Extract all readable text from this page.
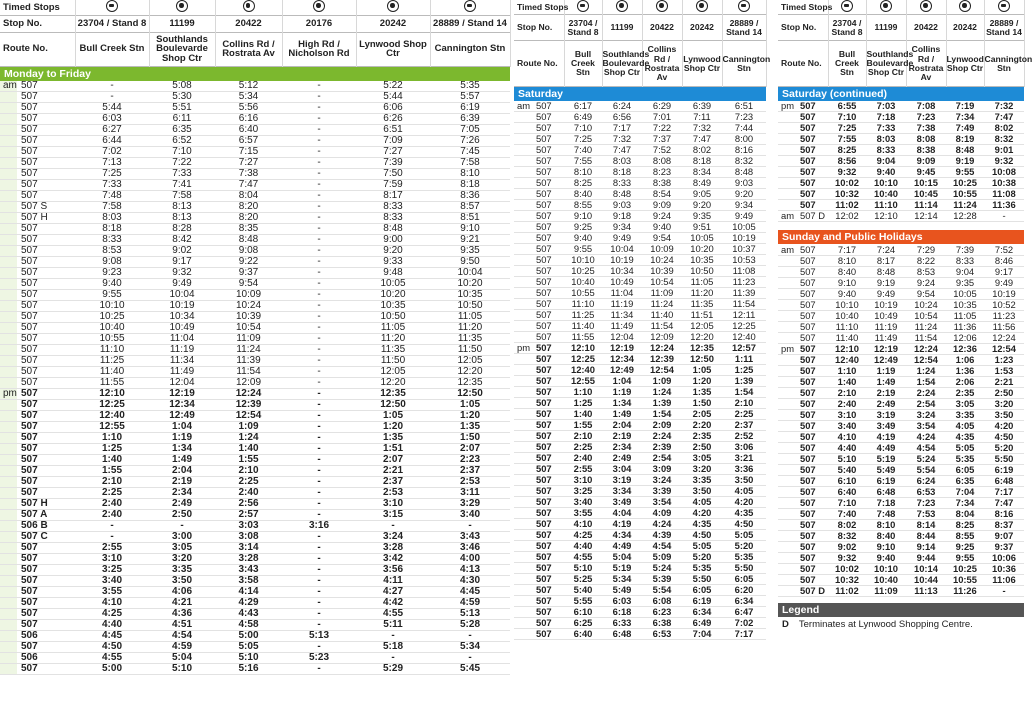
Timed Stops						
Stop No.	23704 / Stand 8	11199	20422	20176	20242	28889 / Stand 14
Route No.	Bull Creek Stn	Southlands Boulevarde Shop Ctr	Collins Rd / Rostrata Av	High Rd / Nicholson Rd	Lynwood Shop Ctr	Cannington Stn
Monday to Friday
am	507	-	5:08	5:12	-	5:22	5:35
	507	-	5:30	5:34	-	5:44	5:57
	507	5:44	5:51	5:56	-	6:06	6:19
	507	6:03	6:11	6:16	-	6:26	6:39
	507	6:27	6:35	6:40	-	6:51	7:05
	507	6:44	6:52	6:57	-	7:09	7:26
	507	7:02	7:10	7:15	-	7:27	7:45
	507	7:13	7:22	7:27	-	7:39	7:58
	507	7:25	7:33	7:38	-	7:50	8:10
	507	7:33	7:41	7:47	-	7:59	8:18
	507	7:48	7:58	8:04	-	8:17	8:36
	507 S	7:58	8:13	8:20	-	8:33	8:57
	507 H	8:03	8:13	8:20	-	8:33	8:51
	507	8:18	8:28	8:35	-	8:48	9:10
	507	8:33	8:42	8:48	-	9:00	9:21
	507	8:53	9:02	9:08	-	9:20	9:35
	507	9:08	9:17	9:22	-	9:33	9:50
	507	9:23	9:32	9:37	-	9:48	10:04
	507	9:40	9:49	9:54	-	10:05	10:20
	507	9:55	10:04	10:09	-	10:20	10:35
	507	10:10	10:19	10:24	-	10:35	10:50
	507	10:25	10:34	10:39	-	10:50	11:05
	507	10:40	10:49	10:54	-	11:05	11:20
	507	10:55	11:04	11:09	-	11:20	11:35
	507	11:10	11:19	11:24	-	11:35	11:50
	507	11:25	11:34	11:39	-	11:50	12:05
	507	11:40	11:49	11:54	-	12:05	12:20
	507	11:55	12:04	12:09	-	12:20	12:35
pm	507	12:10	12:19	12:24	-	12:35	12:50
	507	12:25	12:34	12:39	-	12:50	1:05
	507	12:40	12:49	12:54	-	1:05	1:20
	507	12:55	1:04	1:09	-	1:20	1:35
	507	1:10	1:19	1:24	-	1:35	1:50
	507	1:25	1:34	1:40	-	1:51	2:07
	507	1:40	1:49	1:55	-	2:07	2:23
	507	1:55	2:04	2:10	-	2:21	2:37
	507	2:10	2:19	2:25	-	2:37	2:53
	507	2:25	2:34	2:40	-	2:53	3:11
	507 H	2:40	2:49	2:56	-	3:10	3:29
	507 A	2:40	2:50	2:57	-	3:15	3:40
	506 B	-	-	3:03	3:16	-	-
	507 C	-	3:00	3:08	-	3:24	3:43
	507	2:55	3:05	3:14	-	3:28	3:46
	507	3:10	3:20	3:28	-	3:42	4:00
	507	3:25	3:35	3:43	-	3:56	4:13
	507	3:40	3:50	3:58	-	4:11	4:30
	507	3:55	4:06	4:14	-	4:27	4:45
	507	4:10	4:21	4:29	-	4:42	4:59
	507	4:25	4:36	4:43	-	4:55	5:13
	507	4:40	4:51	4:58	-	5:11	5:28
	506	4:45	4:54	5:00	5:13	-	-
	507	4:50	4:59	5:05	-	5:18	5:34
	506	4:55	5:04	5:10	5:23	-	-
	507	5:00	5:10	5:16	-	5:29	5:45
Timed Stops					
Stop No.	23704 / Stand 8	11199	20422	20242	28889 / Stand 14
Route No.	Bull Creek Stn	Southlands Boulevarde Shop Ctr	Collins Rd / Rostrata Av	Lynwood Shop Ctr	Cannington Stn
Saturday
am	507	6:17	6:24	6:29	6:39	6:51
	507	6:49	6:56	7:01	7:11	7:23
	507	7:10	7:17	7:22	7:32	7:44
	507	7:25	7:32	7:37	7:47	8:00
	507	7:40	7:47	7:52	8:02	8:16
	507	7:55	8:03	8:08	8:18	8:32
	507	8:10	8:18	8:23	8:34	8:48
	507	8:25	8:33	8:38	8:49	9:03
	507	8:40	8:48	8:54	9:05	9:20
	507	8:55	9:03	9:09	9:20	9:34
	507	9:10	9:18	9:24	9:35	9:49
	507	9:25	9:34	9:40	9:51	10:05
	507	9:40	9:49	9:54	10:05	10:19
	507	9:55	10:04	10:09	10:20	10:37
	507	10:10	10:19	10:24	10:35	10:53
	507	10:25	10:34	10:39	10:50	11:08
	507	10:40	10:49	10:54	11:05	11:23
	507	10:55	11:04	11:09	11:20	11:39
	507	11:10	11:19	11:24	11:35	11:54
	507	11:25	11:34	11:40	11:51	12:11
	507	11:40	11:49	11:54	12:05	12:25
	507	11:55	12:04	12:09	12:20	12:40
pm	507	12:10	12:19	12:24	12:35	12:57
	507	12:25	12:34	12:39	12:50	1:11
	507	12:40	12:49	12:54	1:05	1:25
	507	12:55	1:04	1:09	1:20	1:39
	507	1:10	1:19	1:24	1:35	1:54
	507	1:25	1:34	1:39	1:50	2:10
	507	1:40	1:49	1:54	2:05	2:25
	507	1:55	2:04	2:09	2:20	2:37
	507	2:10	2:19	2:24	2:35	2:52
	507	2:25	2:34	2:39	2:50	3:06
	507	2:40	2:49	2:54	3:05	3:21
	507	2:55	3:04	3:09	3:20	3:36
	507	3:10	3:19	3:24	3:35	3:50
	507	3:25	3:34	3:39	3:50	4:05
	507	3:40	3:49	3:54	4:05	4:20
	507	3:55	4:04	4:09	4:20	4:35
	507	4:10	4:19	4:24	4:35	4:50
	507	4:25	4:34	4:39	4:50	5:05
	507	4:40	4:49	4:54	5:05	5:20
	507	4:55	5:04	5:09	5:20	5:35
	507	5:10	5:19	5:24	5:35	5:50
	507	5:25	5:34	5:39	5:50	6:05
	507	5:40	5:49	5:54	6:05	6:20
	507	5:55	6:03	6:08	6:19	6:34
	507	6:10	6:18	6:23	6:34	6:47
	507	6:25	6:33	6:38	6:49	7:02
	507	6:40	6:48	6:53	7:04	7:17
Timed Stops					
Stop No.	23704 / Stand 8	11199	20422	20242	28889 / Stand 14
Route No.	Bull Creek Stn	Southlands Boulevarde Shop Ctr	Collins Rd / Rostrata Av	Lynwood Shop Ctr	Cannington Stn
Saturday (continued)
pm	507	6:55	7:03	7:08	7:19	7:32
	507	7:10	7:18	7:23	7:34	7:47
	507	7:25	7:33	7:38	7:49	8:02
	507	7:55	8:03	8:08	8:19	8:32
	507	8:25	8:33	8:38	8:48	9:01
	507	8:56	9:04	9:09	9:19	9:32
	507	9:32	9:40	9:45	9:55	10:08
	507	10:02	10:10	10:15	10:25	10:38
	507	10:32	10:40	10:45	10:55	11:08
	507	11:02	11:10	11:14	11:24	11:36
am	507 D	12:02	12:10	12:14	12:28	-
Sunday and Public Holidays
am	507	7:17	7:24	7:29	7:39	7:52
	507	8:10	8:17	8:22	8:33	8:46
	507	8:40	8:48	8:53	9:04	9:17
	507	9:10	9:19	9:24	9:35	9:49
	507	9:40	9:49	9:54	10:05	10:19
	507	10:10	10:19	10:24	10:35	10:52
	507	10:40	10:49	10:54	11:05	11:23
	507	11:10	11:19	11:24	11:36	11:56
	507	11:40	11:49	11:54	12:06	12:24
pm	507	12:10	12:19	12:24	12:36	12:54
	507	12:40	12:49	12:54	1:06	1:23
	507	1:10	1:19	1:24	1:36	1:53
	507	1:40	1:49	1:54	2:06	2:21
	507	2:10	2:19	2:24	2:35	2:50
	507	2:40	2:49	2:54	3:05	3:20
	507	3:10	3:19	3:24	3:35	3:50
	507	3:40	3:49	3:54	4:05	4:20
	507	4:10	4:19	4:24	4:35	4:50
	507	4:40	4:49	4:54	5:05	5:20
	507	5:10	5:19	5:24	5:35	5:50
	507	5:40	5:49	5:54	6:05	6:19
	507	6:10	6:19	6:24	6:35	6:48
	507	6:40	6:48	6:53	7:04	7:17
	507	7:10	7:18	7:23	7:34	7:47
	507	7:40	7:48	7:53	8:04	8:16
	507	8:02	8:10	8:14	8:25	8:37
	507	8:32	8:40	8:44	8:55	9:07
	507	9:02	9:10	9:14	9:25	9:37
	507	9:32	9:40	9:44	9:55	10:06
	507	10:02	10:10	10:14	10:25	10:36
	507	10:32	10:40	10:44	10:55	11:06
	507 D	11:02	11:09	11:13	11:26	-
Legend
D Terminates at Lynwood Shopping Centre.
